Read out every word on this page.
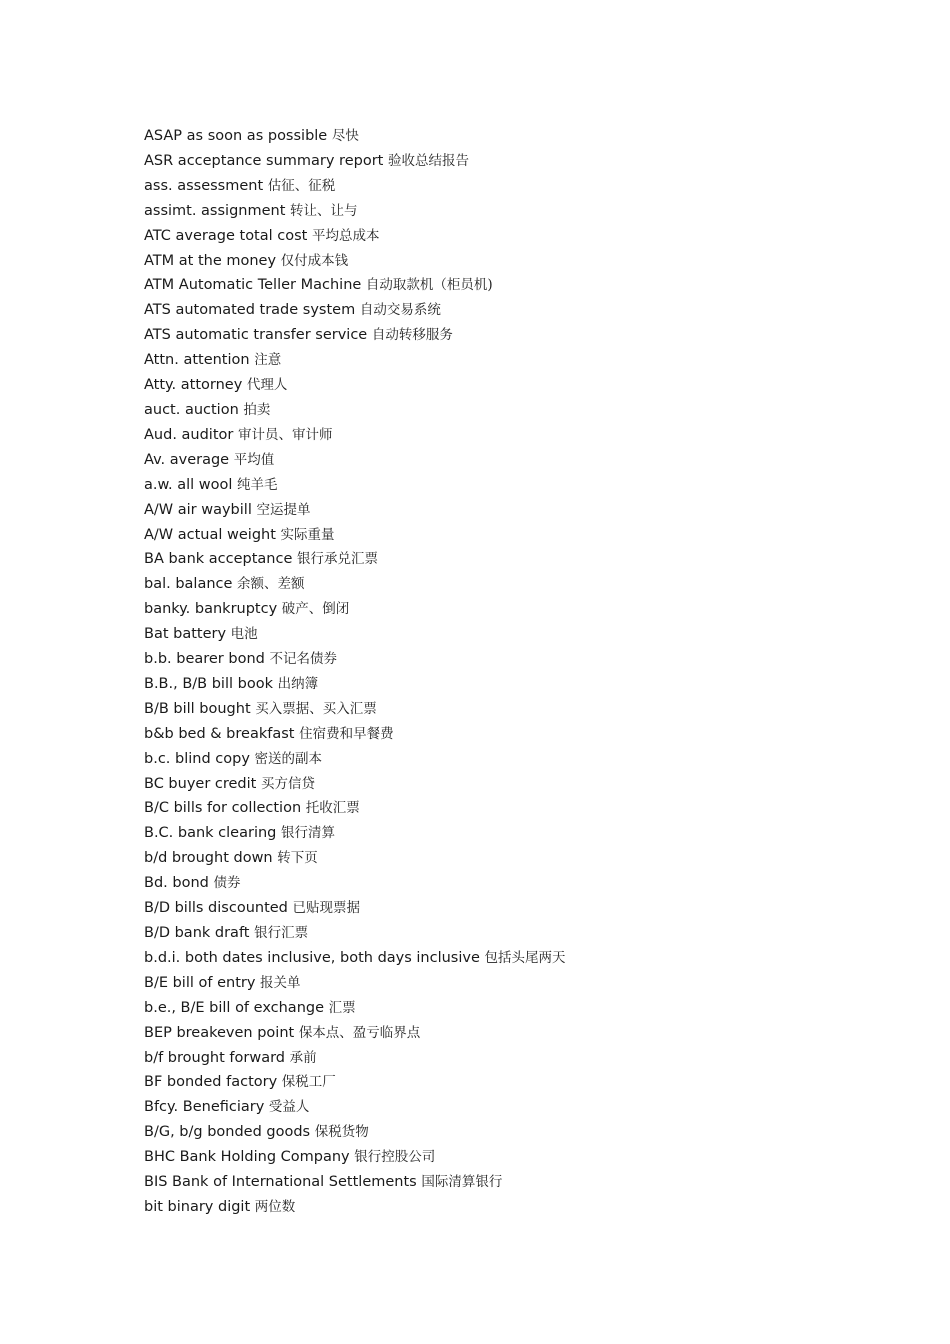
ASAP as soon as possible 尽快
ASR acceptance summary report 验收总结报告
ass. assessment 估征、征税
assimt. assignment 转让、让与
ATC average total cost 平均总成本
ATM at the money 仅付成本钱
ATM Automatic Teller Machine 自动取款机（柜员机)
ATS automated trade system 自动交易系统
ATS automatic transfer service 自动转移服务
Attn. attention 注意
Atty. attorney 代理人
auct. auction 拍卖
Aud. auditor 审计员、审计师
Av. average 平均值
a.w. all wool 纯羊毛
A/W air waybill 空运提单
A/W actual weight 实际重量
BA bank acceptance 银行承兑汇票
bal. balance 余额、差额
banky. bankruptcy 破产、倒闭
Bat battery 电池
b.b. bearer bond 不记名债券
B.B., B/B bill book 出纳簿
B/B bill bought 买入票据、买入汇票
b&b bed & breakfast 住宿费和早餐费
b.c. blind copy 密送的副本
BC buyer credit 买方信贷
B/C bills for collection 托收汇票
B.C. bank clearing 银行清算
b/d brought down 转下页
Bd. bond 债券
B/D bills discounted 已贴现票据
B/D bank draft 银行汇票
b.d.i. both dates inclusive, both days inclusive 包括头尾两天
B/E bill of entry 报关单
b.e., B/E bill of exchange 汇票
BEP breakeven point 保本点、盈亏临界点
b/f brought forward 承前
BF bonded factory 保税工厂
Bfcy. Beneficiary 受益人
B/G, b/g bonded goods 保税货物
BHC Bank Holding Company 银行控股公司
BIS Bank of International Settlements 国际清算银行
bit binary digit 两位数
